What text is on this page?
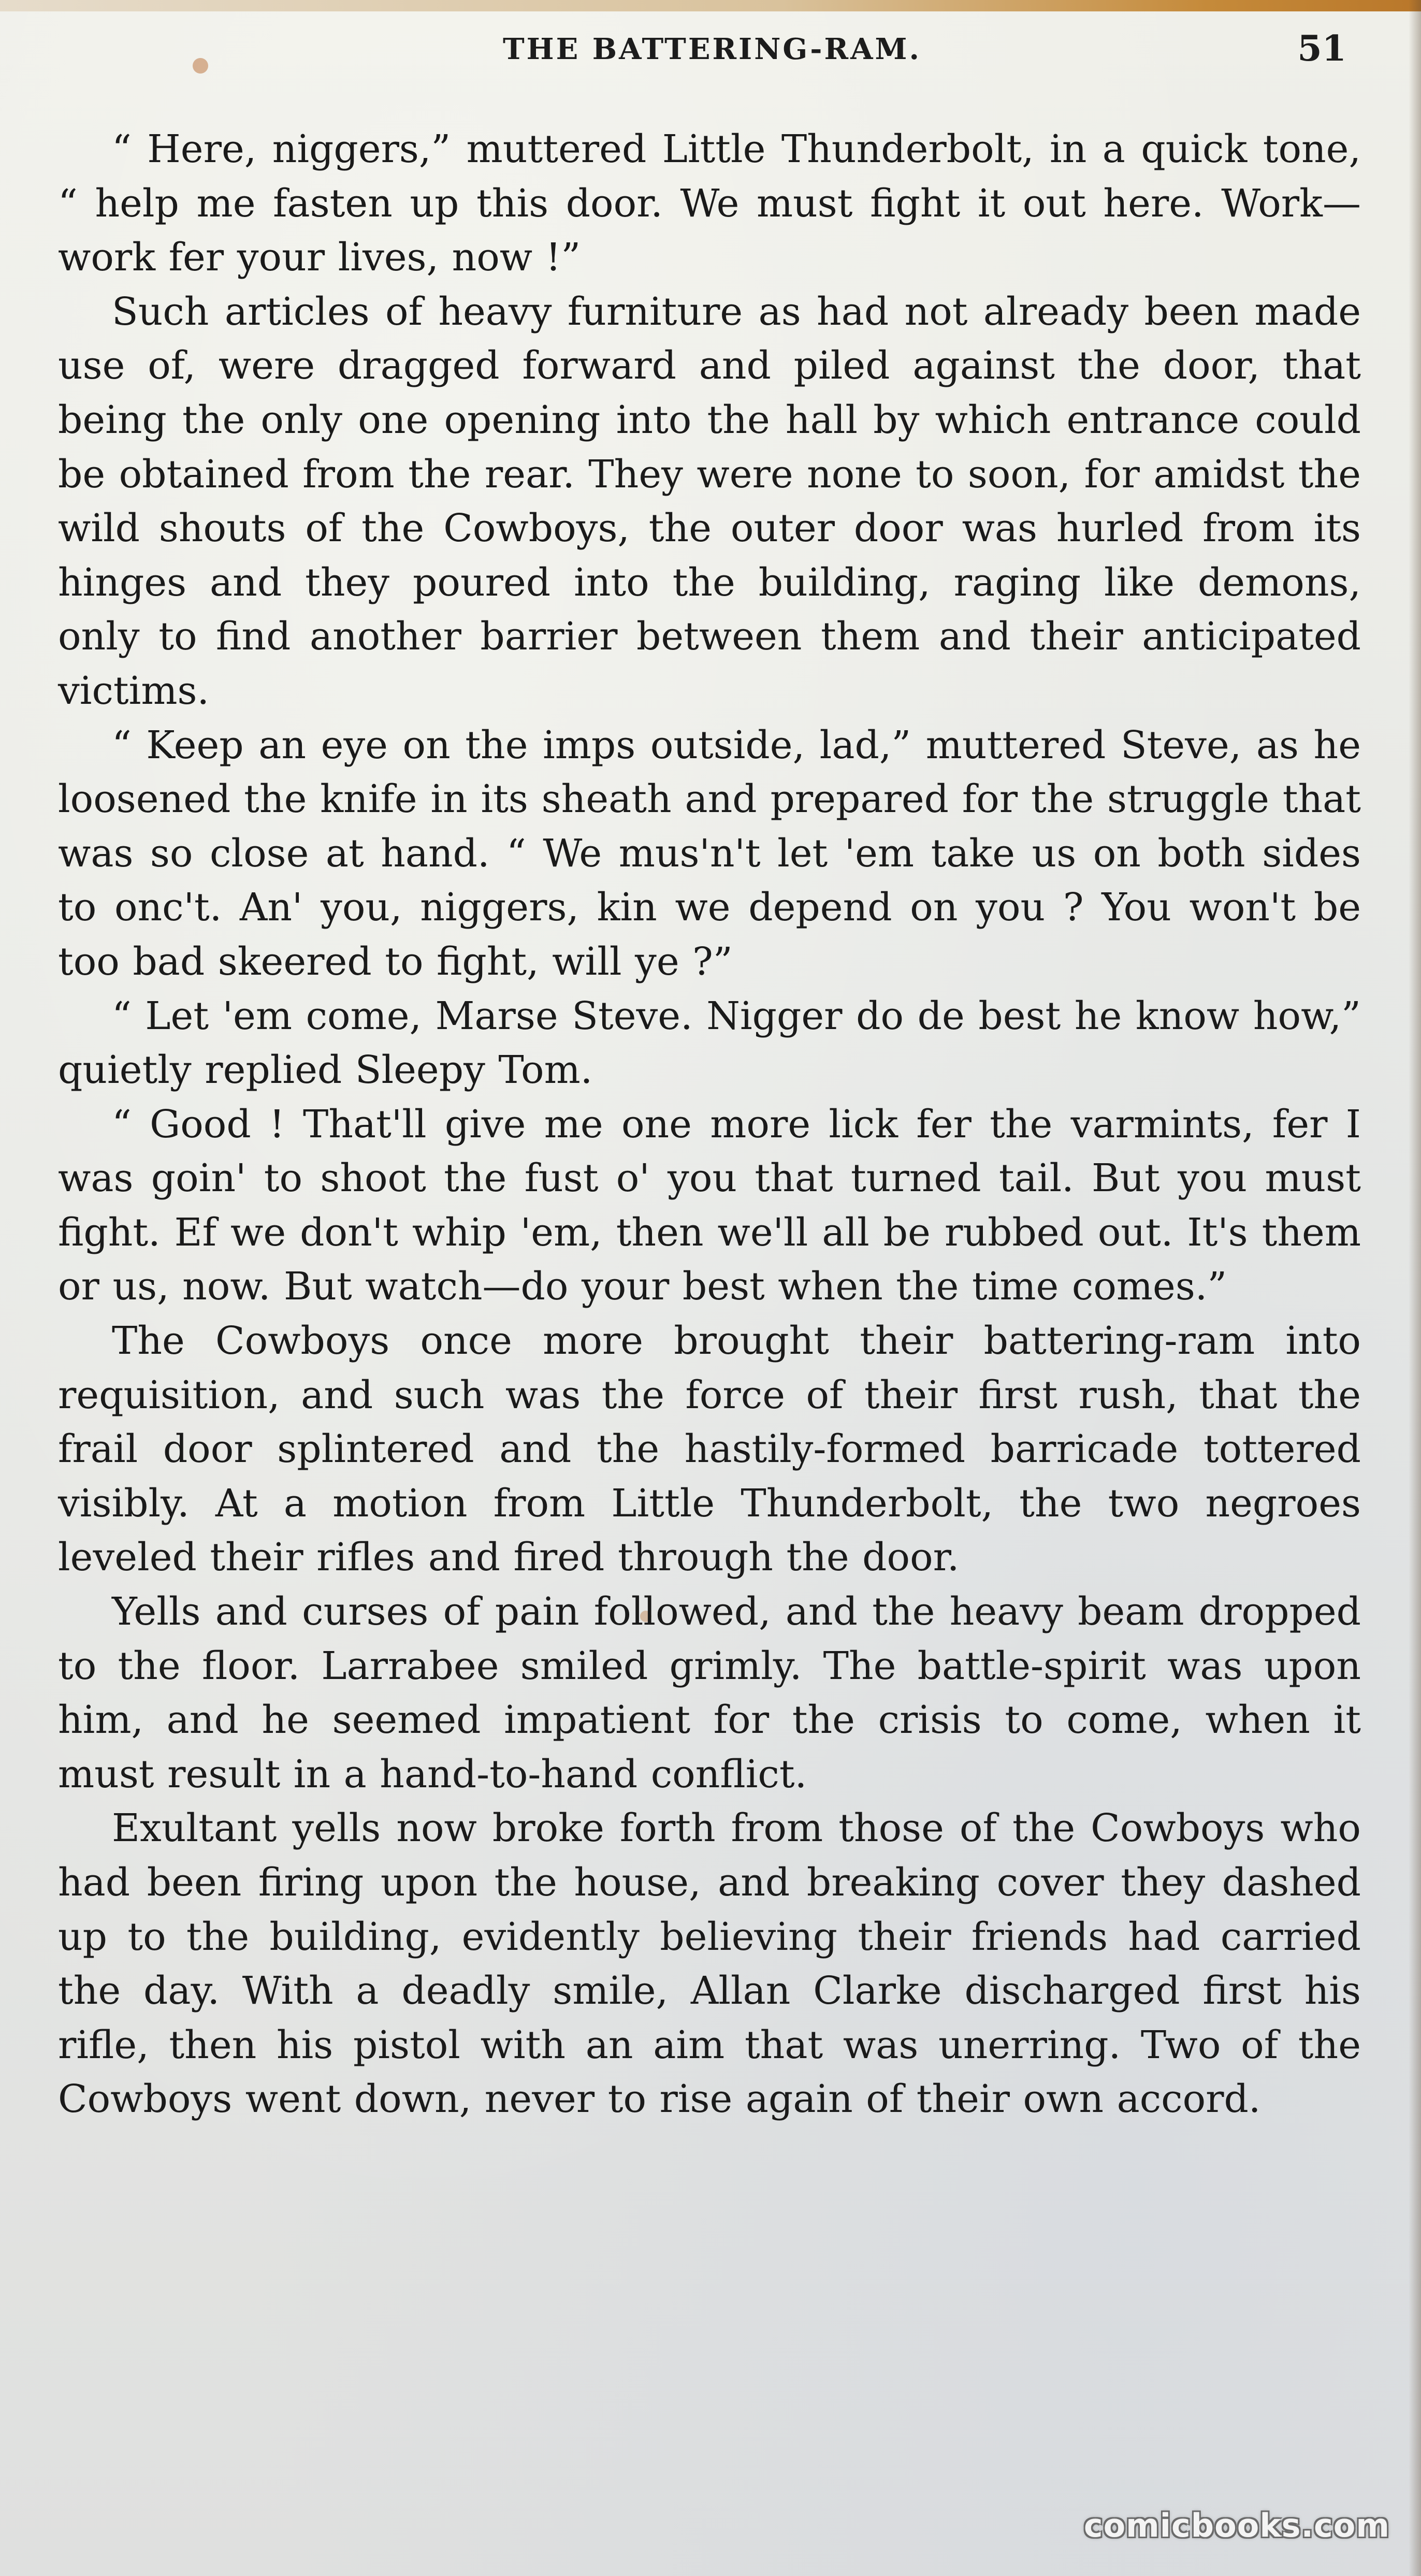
THE BATTERING-RAM.	51

“ Here, niggers,” muttered Little Thunderbolt, in a quick tone, “ help me fasten up this door. We must fight it out here. Work—work fer your lives, now !”

Such articles of heavy furniture as had not already been made use of, were dragged forward and piled against the door, that being the only one opening into the hall by which entrance could be obtained from the rear. They were none to soon, for amidst the wild shouts of the Cowboys, the outer door was hurled from its hinges and they poured into the building, raging like demons, only to find another barrier between them and their anticipated victims.

“ Keep an eye on the imps outside, lad,” muttered Steve, as he loosened the knife in its sheath and prepared for the struggle that was so close at hand. “ We mus'n't let 'em take us on both sides to onc't. An' you, niggers, kin we depend on you ? You won't be too bad skeered to fight, will ye ?”

“ Let 'em come, Marse Steve. Nigger do de best he know how,” quietly replied Sleepy Tom.

“ Good ! That'll give me one more lick fer the varmints, fer I was goin' to shoot the fust o' you that turned tail. But you must fight. Ef we don't whip 'em, then we'll all be rubbed out. It's them or us, now. But watch—do your best when the time comes.”

The Cowboys once more brought their battering-ram into requisition, and such was the force of their first rush, that the frail door splintered and the hastily-formed barricade tottered visibly. At a motion from Little Thunderbolt, the two negroes leveled their rifles and fired through the door.

Yells and curses of pain followed, and the heavy beam dropped to the floor. Larrabee smiled grimly. The battle-spirit was upon him, and he seemed impatient for the crisis to come, when it must result in a hand-to-hand conflict.

Exultant yells now broke forth from those of the Cowboys who had been firing upon the house, and breaking cover they dashed up to the building, evidently believing their friends had carried the day. With a deadly smile, Allan Clarke discharged first his rifle, then his pistol with an aim that was unerring. Two of the Cowboys went down, never to rise again of their own accord.

comicbooks.com
